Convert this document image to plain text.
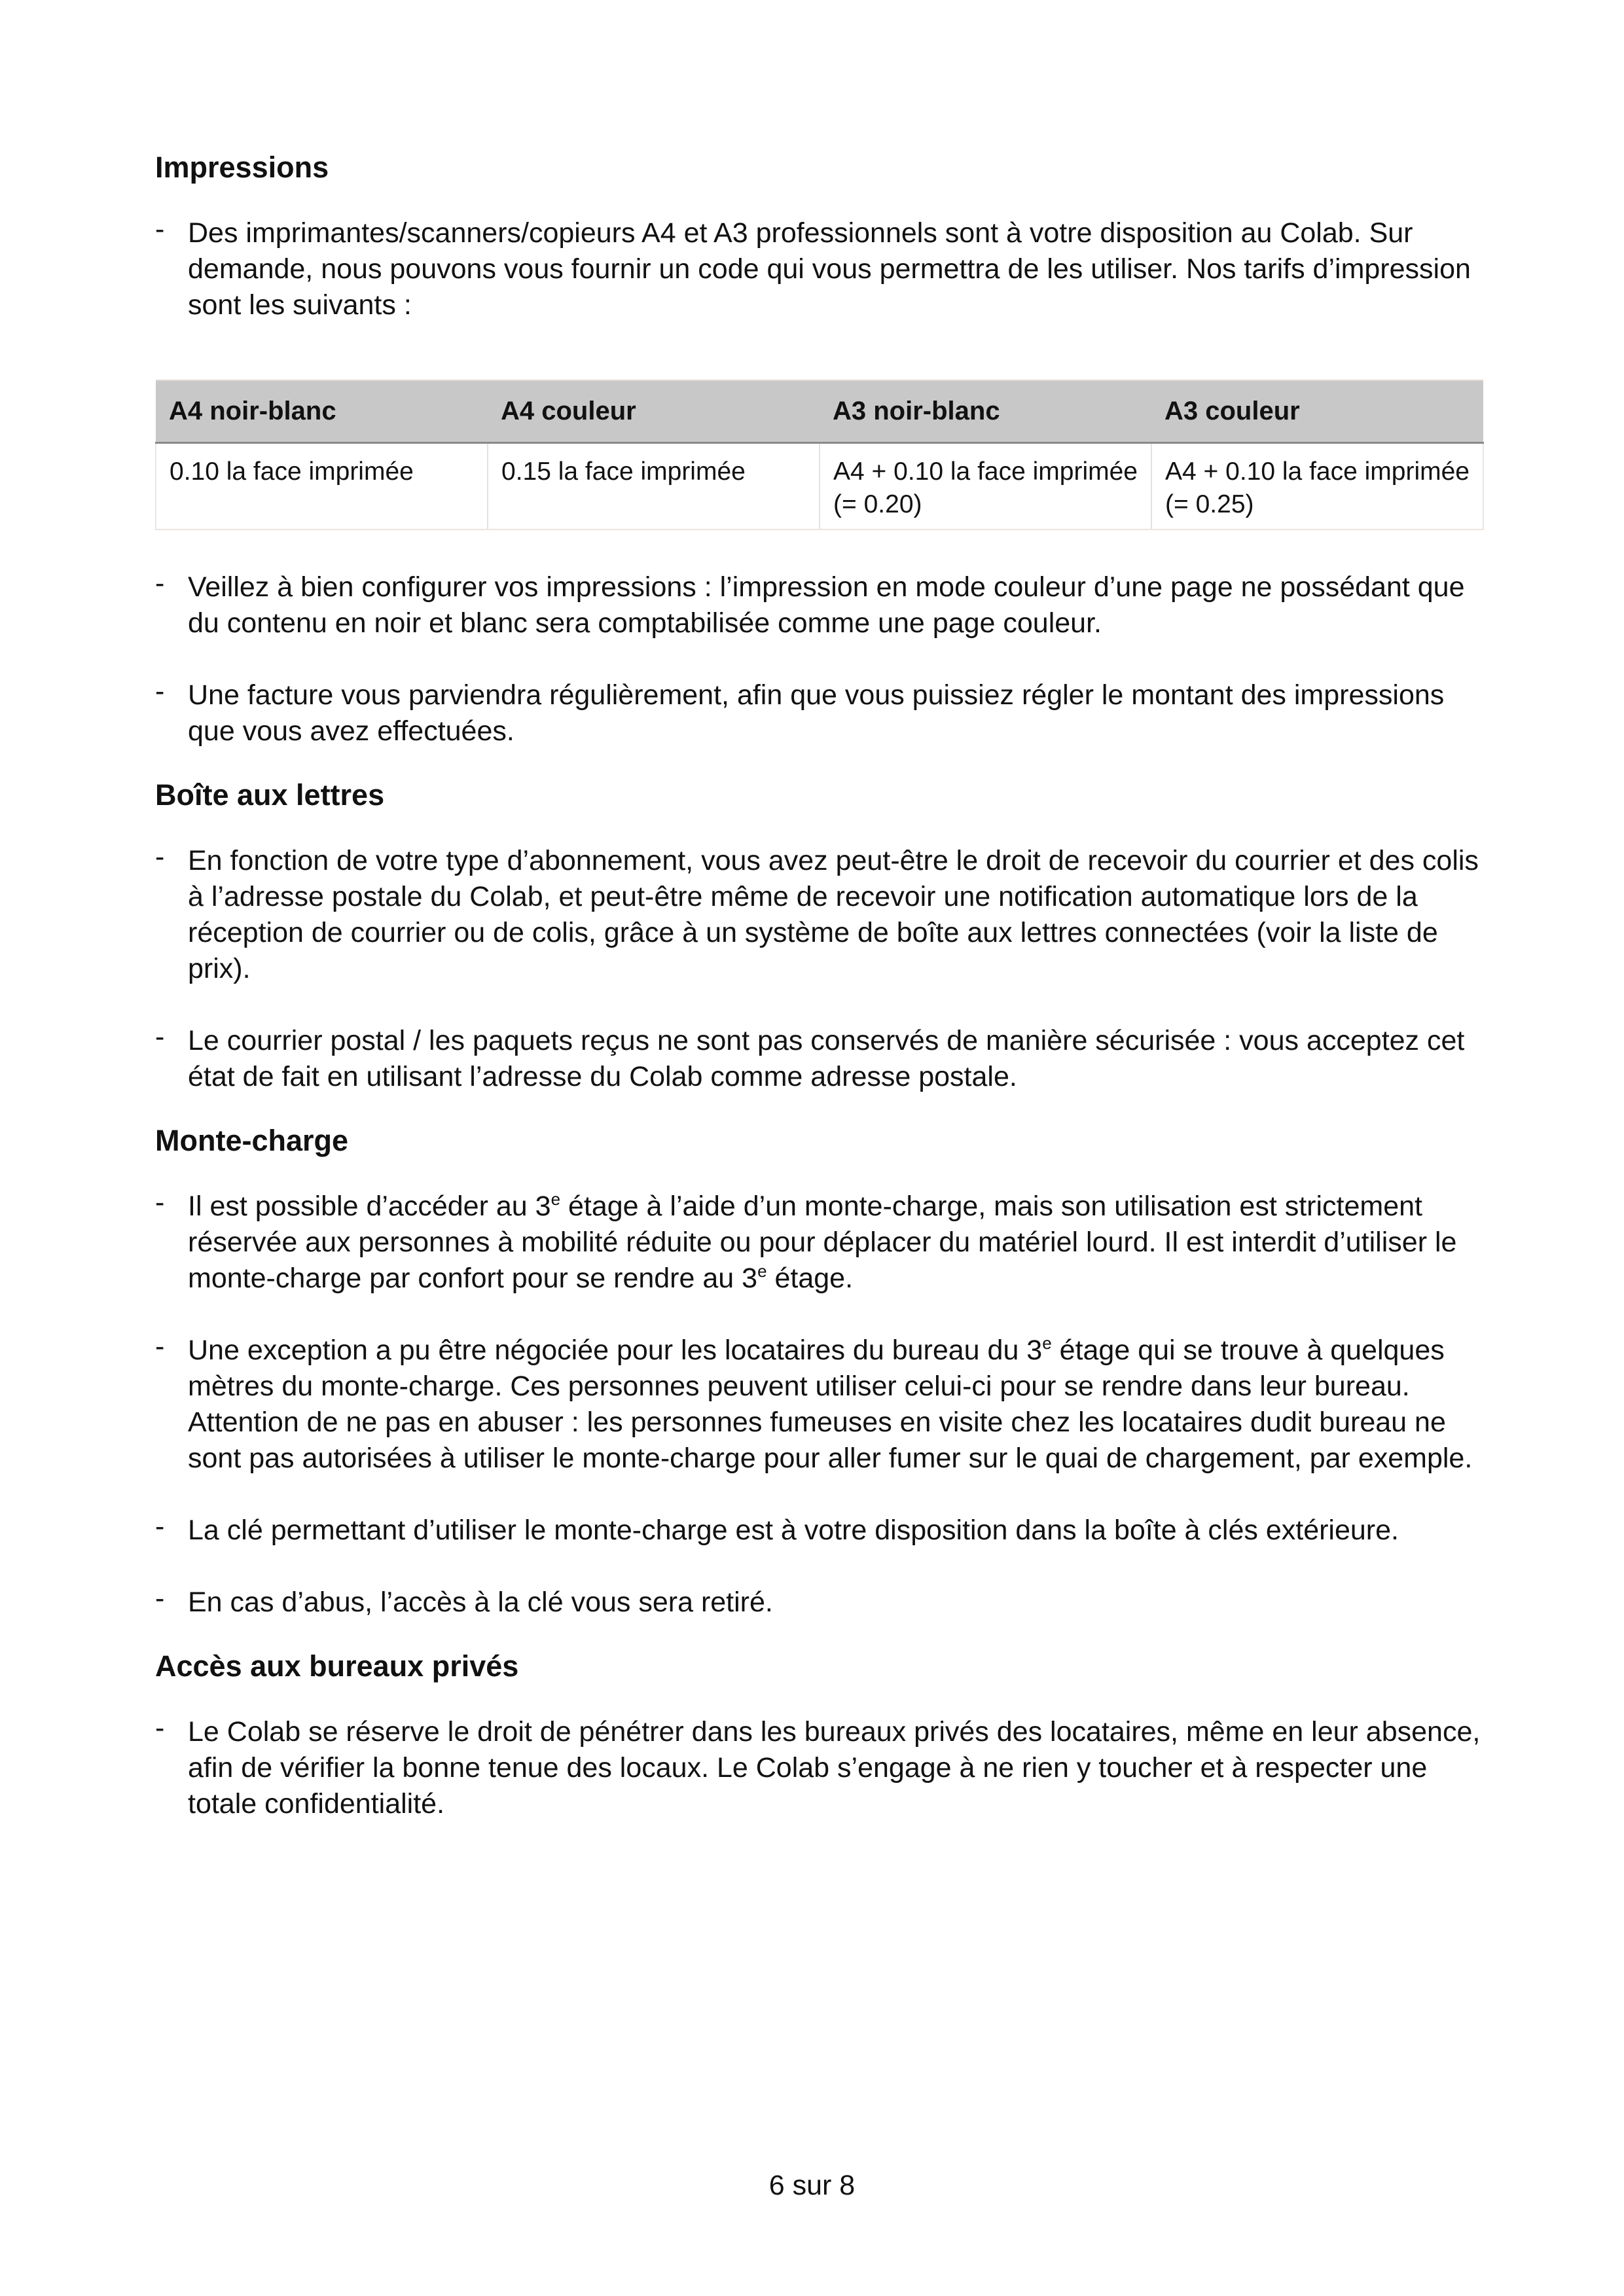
Impressions
- Des imprimantes/scanners/copieurs A4 et A3 professionnels sont à votre disposition au Colab. Sur demande, nous pouvons vous fournir un code qui vous permettra de les utiliser. Nos tarifs d’impression sont les suivants :
A4 noir-blanc	A4 couleur	A3 noir-blanc	A3 couleur
0.10 la face imprimée	0.15 la face imprimée	A4 + 0.10 la face imprimée (= 0.20)	A4 + 0.10 la face imprimée (= 0.25)
- Veillez à bien configurer vos impressions : l’impression en mode couleur d’une page ne possédant que du contenu en noir et blanc sera comptabilisée comme une page couleur.
- Une facture vous parviendra régulièrement, afin que vous puissiez régler le montant des impressions que vous avez effectuées.
Boîte aux lettres
- En fonction de votre type d’abonnement, vous avez peut-être le droit de recevoir du courrier et des colis à l’adresse postale du Colab, et peut-être même de recevoir une notification automatique lors de la réception de courrier ou de colis, grâce à un système de boîte aux lettres connectées (voir la liste de prix).
- Le courrier postal / les paquets reçus ne sont pas conservés de manière sécurisée : vous acceptez cet état de fait en utilisant l’adresse du Colab comme adresse postale.
Monte-charge
- Il est possible d’accéder au 3e étage à l’aide d’un monte-charge, mais son utilisation est strictement réservée aux personnes à mobilité réduite ou pour déplacer du matériel lourd. Il est interdit d’utiliser le monte-charge par confort pour se rendre au 3e étage.
- Une exception a pu être négociée pour les locataires du bureau du 3e étage qui se trouve à quelques mètres du monte-charge. Ces personnes peuvent utiliser celui-ci pour se rendre dans leur bureau. Attention de ne pas en abuser : les personnes fumeuses en visite chez les locataires dudit bureau ne sont pas autorisées à utiliser le monte-charge pour aller fumer sur le quai de chargement, par exemple.
- La clé permettant d’utiliser le monte-charge est à votre disposition dans la boîte à clés extérieure.
- En cas d’abus, l’accès à la clé vous sera retiré.
Accès aux bureaux privés
- Le Colab se réserve le droit de pénétrer dans les bureaux privés des locataires, même en leur absence, afin de vérifier la bonne tenue des locaux. Le Colab s’engage à ne rien y toucher et à respecter une totale confidentialité.
6 sur 8
